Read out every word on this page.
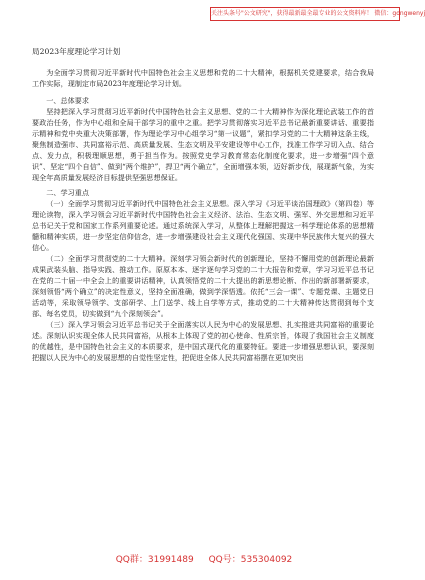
关注头条号"公文研究"，获得最新最全最专业的公文资料库！ 微信：gongwenyj
局2023年度理论学习计划

为全面学习贯彻习近平新时代中国特色社会主义思想和党的二十大精神，根据机关党建要求，结合我局工作实际，现制定市局2023年度理论学习计划。

一、总体要求

坚持把深入学习贯彻习近平新时代中国特色社会主义思想、党的二十大精神作为深化理论武装工作的首要政治任务，作为中心组和全局干部学习的重中之重。把学习贯彻落实习近平总书记最新重要讲话、重要指示精神和党中央重大决策部署，作为理论学习中心组学习“第一议题”，紧扣学习党的二十大精神这条主线，聚焦制造强市、共同富裕示范、高质量发展、生态文明及平安建设等中心工作，找准工作学习切入点、结合点、发力点，积极理顺思想，勇于担当作为。按照党史学习教育常态化制度化要求，进一步增强“四个意识”、坚定“四个自信”、做到“两个维护”，捍卫“两个确立”，全面增强本领，迈好新步伐，展现新气象，为实现全年高质量发展经济目标提供坚强思想保证。

二、学习重点

（一）全面学习贯彻习近平新时代中国特色社会主义思想。深入学习《习近平谈治国理政》（第四卷）等理论读物，深入学习领会习近平新时代中国特色社会主义经济、法治、生态文明、强军、外交思想和习近平总书记关于党和国家工作系列重要论述。通过系统深入学习，从整体上理解把握这一科学理论体系的思想精髓和精神实质，进一步坚定信仰信念，进一步增强建设社会主义现代化强国、实现中华民族伟大复兴的强大信心。

（二）全面学习贯彻党的二十大精神。深刻学习领会新时代的创新理论，坚持不懈用党的创新理论最新成果武装头脑、指导实践、推动工作。原原本本、逐字逐句学习党的二十大报告和党章，学习习近平总书记在党的二十届一中全会上的重要讲话精神，认真领悟党的二十大提出的新思想论断、作出的新部署新要求，深刻领悟“两个确立”的决定性意义，坚持全面准确，做到学深悟透。依托“三会一课”、专题党课、主题党日活动等，采取领导领学、支部研学、上门送学、线上自学等方式，推动党的二十大精神传达贯彻到每个支部、每名党员，切实做到“九个深刻领会”。

（三）深入学习领会习近平总书记关于全面落实以人民为中心的发展思想、扎实推进共同富裕的重要论述。深刻认识实现全体人民共同富裕，从根本上体现了党的初心使命、性质宗旨，体现了我国社会主义制度的优越性，是中国特色社会主义的本质要求，是中国式现代化的重要特征。要进一步增强思想认识，要深刻把握以人民为中心的发展思想的自觉性坚定性，把促进全体人民共同富裕摆在更加突出

QQ群：31991489 QQ号：535304092
